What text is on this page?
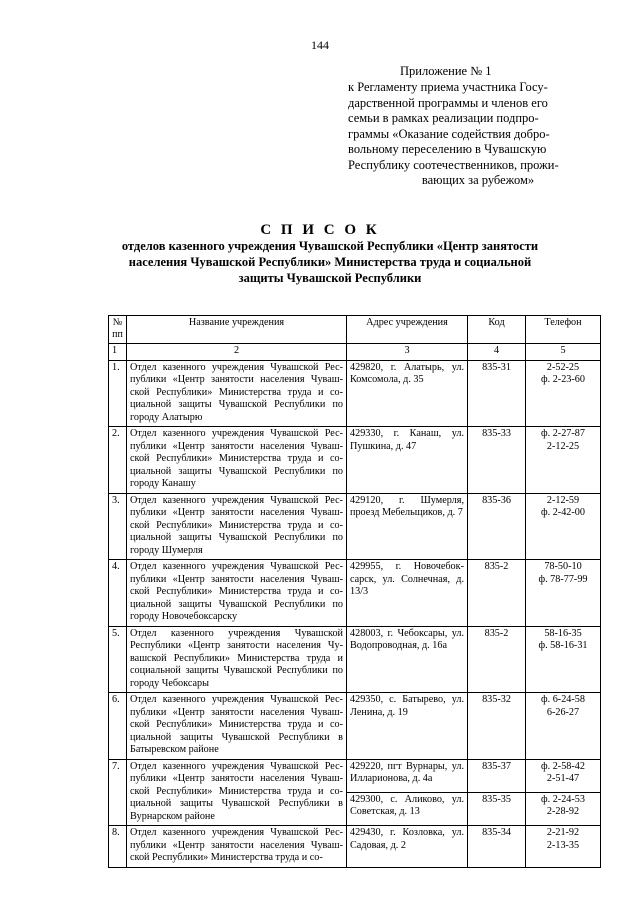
144
Приложение № 1
к Регламенту приема участника Госу-
дарственной программы и членов его
семьи в рамках реализации подпро-
граммы «Оказание содействия добро-
вольному переселению в Чувашскую
Республику соотечественников, прожи-
вающих за рубежом»
С П И С О К
отделов казенного учреждения Чувашской Республики «Центр занятости
населения Чувашской Республики» Министерства труда и социальной
защиты Чувашской Республики
№ пп	Название учреждения	Адрес учреждения	Код	Телефон
1	2	3	4	5
1.	Отдел казенного учреждения Чувашской Рес-публики «Центр занятости населения Чуваш-ской Республики» Министерства труда и со-циальной защиты Чувашской Республики по городу Алатырю	429820, г. Алатырь, ул. Комсомола, д. 35	835-31	2-52-25
ф. 2-23-60

2.	Отдел казенного учреждения Чувашской Рес-публики «Центр занятости населения Чуваш-ской Республики» Министерства труда и со-циальной защиты Чувашской Республики по городу Канашу	429330, г. Канаш, ул. Пушкина, д. 47	835-33	ф. 2-27-87
2-12-25

3.	Отдел казенного учреждения Чувашской Рес-публики «Центр занятости населения Чуваш-ской Республики» Министерства труда и со-циальной защиты Чувашской Республики по городу Шумерля	429120, г. Шумерля, проезд Мебельщиков, д. 7	835-36	2-12-59
ф. 2-42-00

4.	Отдел казенного учреждения Чувашской Рес-публики «Центр занятости населения Чуваш-ской Республики» Министерства труда и со-циальной защиты Чувашской Республики по городу Новочебоксарску	429955, г. Новочебок-сарск, ул. Солнечная, д. 13/3	835-2	78-50-10
ф. 78-77-99

5.	Отдел казенного учреждения Чувашской Республики «Центр занятости населения Чу-вашской Республики» Министерства труда и социальной защиты Чувашской Республики по городу Чебоксары	428003, г. Чебоксары, ул. Водопроводная, д. 16а	835-2	58-16-35
ф. 58-16-31

6.	Отдел казенного учреждения Чувашской Рес-публики «Центр занятости населения Чуваш-ской Республики» Министерства труда и со-циальной защиты Чувашской Республики в Батыревском районе	429350, с. Батырево, ул. Ленина, д. 19	835-32	ф. 6-24-58
6-26-27

7.	Отдел казенного учреждения Чувашской Рес-публики «Центр занятости населения Чуваш-ской Республики» Министерства труда и со-циальной защиты Чувашской Республики в Вурнарском районе	429220, пгт Вурнары, ул. Илларионова, д. 4а	835-37	ф. 2-58-42
2-51-47

		429300, с. Аликово, ул. Советская, д. 13	835-35	ф. 2-24-53
2-28-92

8.	Отдел казенного учреждения Чувашской Рес-публики «Центр занятости населения Чуваш-ской Республики» Министерства труда и со-	429430, г. Козловка, ул. Садовая, д. 2	835-34	2-21-92
2-13-35
